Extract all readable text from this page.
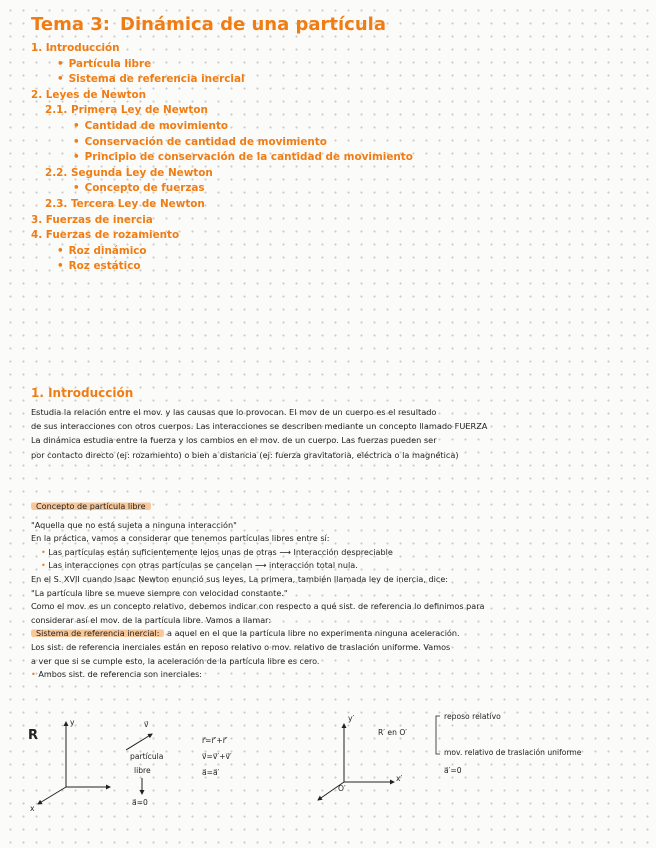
Tema 3: Dinámica de una partícula
1. Introducción
• Partícula libre
• Sistema de referencia inercial
2. Leyes de Newton
2.1. Primera Ley de Newton
• Cantidad de movimiento
• Conservación de cantidad de movimiento
• Principio de conservación de la cantidad de movimiento
2.2. Segunda Ley de Newton
• Concepto de fuerzas
2.3. Tercera Ley de Newton
3. Fuerzas de inercia
4. Fuerzas de rozamiento
• Roz dinámico
• Roz estático
1. Introducción
Estudia la relación entre el mov. y las causas que lo provocan. El mov de un cuerpo es el resultado
de sus interacciones con otros cuerpos. Las interacciones se describen mediante un concepto llamado FUERZA
La dinámica estudia entre la fuerza y los cambios en el mov. de un cuerpo. Las fuerzas pueden ser
por contacto directo (ej: rozamiento) o bien a distancia (ej: fuerza gravitatoria, eléctrica o la magnética)
Concepto de partícula libre
"Aquella que no está sujeta a ninguna interacción"
En la práctica, vamos a considerar que tenemos partículas libres entre sí:
• Las partículas están suficientemente lejos unas de otras ⟶ Interacción despreciable
• Las interacciones con otras partículas se cancelan ⟶ interacción total nula.
En el S. XVII cuando Isaac Newton enunció sus leyes. La primera, también llamada ley de inercia, dice:
"La partícula libre se mueve siempre con velocidad constante."
Como el mov. es un concepto relativo, debemos indicar con respecto a qué sist. de referencia lo definimos para
considerar así el mov. de la partícula libre. Vamos a llamar:
Sistema de referencia inercial: a aquel en el que la partícula libre no experimenta ninguna aceleración.
Los sist. de referencia inerciales están en reposo relativo o mov. relativo de traslación uniforme. Vamos
a ver que si se cumple esto, la aceleración de la partícula libre es cero.
• Ambos sist. de referencia son inerciales:
R
y
x
v⃗
partícula
libre
a⃗=0
r⃗=r⃗′+r⃗′
v⃗=v⃗′+v⃗′
a⃗=a⃗′
y′
x′
O′
R′ en O′
reposo relativo
mov. relativo de traslación uniforme
a⃗′=0
